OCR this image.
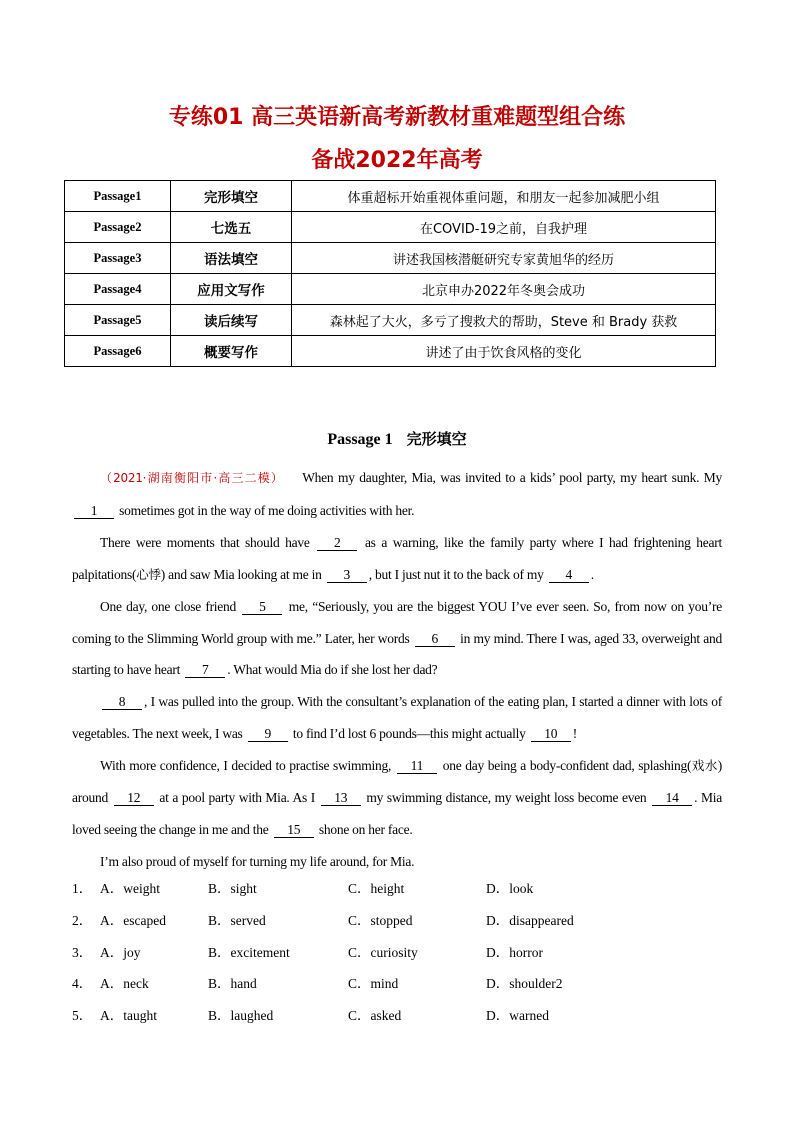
专练01 高三英语新高考新教材重难题型组合练
备战2022年高考
Passage1	完形填空	体重超标开始重视体重问题，和朋友一起参加减肥小组
Passage2	七选五	在COVID-19之前，自我护理
Passage3	语法填空	讲述我国核潜艇研究专家黄旭华的经历
Passage4	应用文写作	北京申办2022年冬奥会成功
Passage5	读后续写	森林起了大火，多亏了搜救犬的帮助，Steve 和 Brady 获救
Passage6	概要写作	讲述了由于饮食风格的变化
Passage 1 完形填空

（2021·湖南衡阳市·高三二模） When my daughter, Mia, was invited to a kids’ pool party, my heart sunk. My 1 sometimes got in the way of me doing activities with her.

There were moments that should have 2 as a warning, like the family party where I had frightening heart palpitations(心悸) and saw Mia looking at me in 3 , but I just nut it to the back of my 4 .

One day, one close friend 5 me, “Seriously, you are the biggest YOU I’ve ever seen. So, from now on you’re coming to the Slimming World group with me.” Later, her words 6 in my mind. There I was, aged 33, overweight and starting to have heart 7 . What would Mia do if she lost her dad?

8 , I was pulled into the group. With the consultant’s explanation of the eating plan, I started a dinner with lots of vegetables. The next week, I was 9 to find I’d lost 6 pounds—this might actually 10 !

With more confidence, I decided to practise swimming, 11 one day being a body-confident dad, splashing(戏水) around 12 at a pool party with Mia. As I 13 my swimming distance, my weight loss become even 14 . Mia loved seeing the change in me and the 15 shone on her face.

I’m also proud of myself for turning my life around, for Mia.

1． A．weight	B．sight	C．height	D．look
2． A．escaped	B．served	C．stopped	D．disappeared
3． A．joy	B．excitement	C．curiosity	D．horror
4． A．neck	B．hand	C．mind	D．shoulder2
5． A．taught	B．laughed	C．asked	D．warned
